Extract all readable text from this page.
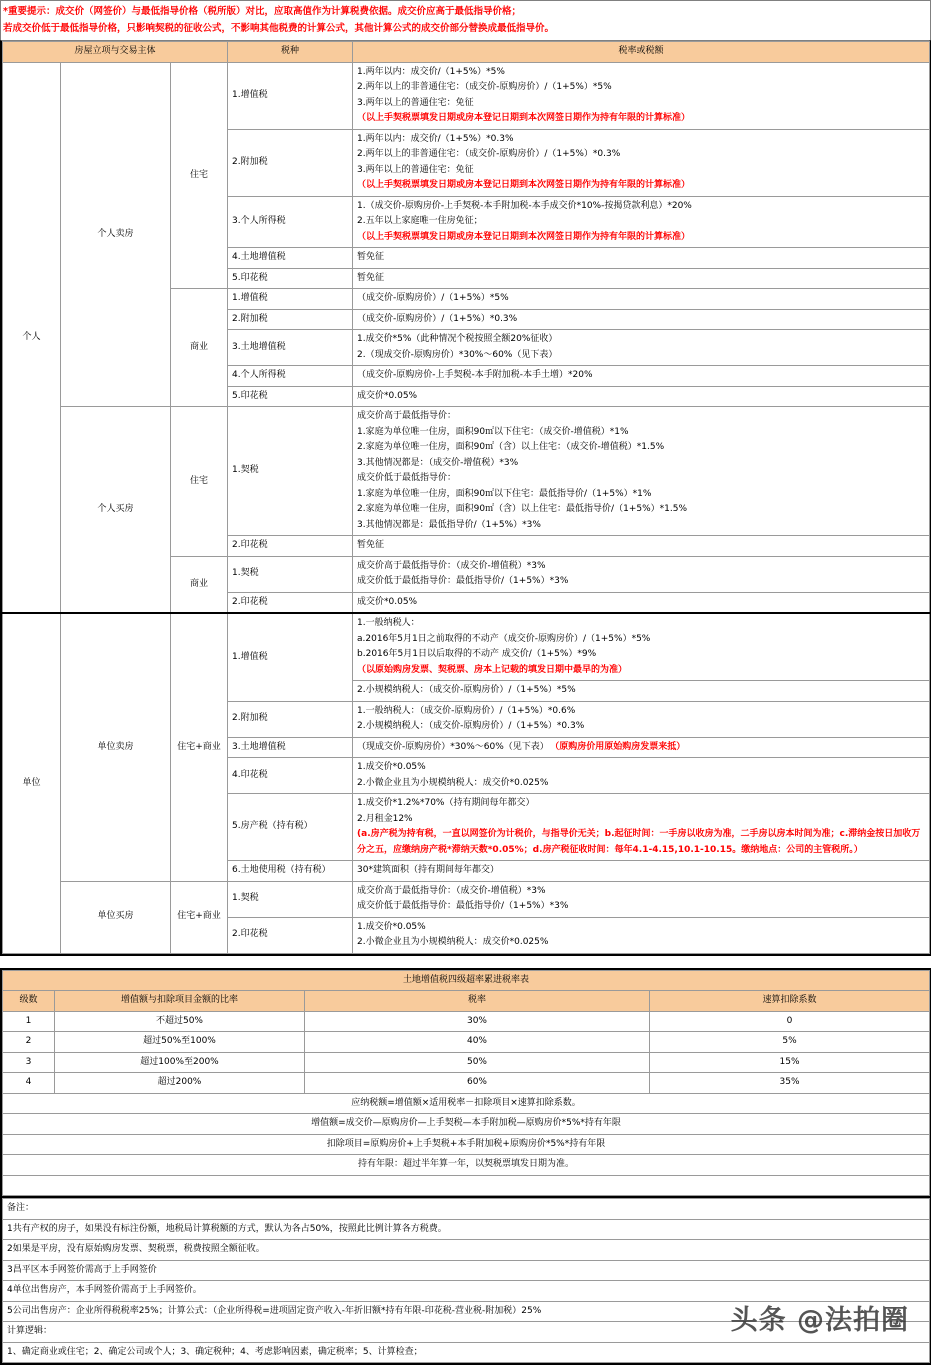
*重要提示：成交价（网签价）与最低指导价格（税所版）对比，应取高值作为计算税费依据。成交价应高于最低指导价格； 若成交价低于最低指导价格，只影响契税的征收公式，不影响其他税费的计算公式，其他计算公式的成交价部分替换成最低指导价。
房屋立项与交易主体			税种	税率或税额
个人	个人卖房	住宅	1.增值税	1.两年以内：成交价/（1+5%）*5%
2.两年以上的非普通住宅：（成交价-原购房价）/（1+5%）*5%
3.两年以上的普通住宅：免征
（以上手契税票填发日期或房本登记日期到本次网签日期作为持有年限的计算标准）

			2.附加税	1.两年以内：成交价/（1+5%）*0.3%
2.两年以上的非普通住宅：（成交价-原购房价）/（1+5%）*0.3%
3.两年以上的普通住宅：免征
（以上手契税票填发日期或房本登记日期到本次网签日期作为持有年限的计算标准）

			3.个人所得税	1.（成交价-原购房价-上手契税-本手附加税-本手成交价*10%-按揭贷款利息）*20%
2.五年以上家庭唯一住房免征；
（以上手契税票填发日期或房本登记日期到本次网签日期作为持有年限的计算标准）

			4.土地增值税	暂免征

			5.印花税	暂免征

		商业	1.增值税	（成交价-原购房价）/（1+5%）*5%

			2.附加税	（成交价-原购房价）/（1+5%）*0.3%

			3.土地增值税	1.成交价*5%（此种情况个税按照全额20%征收）
2.（现成交价-原购房价）*30%～60%（见下表）

			4.个人所得税	（成交价-原购房价-上手契税-本手附加税-本手土增）*20%

			5.印花税	成交价*0.05%

个人买房	住宅	1.契税	
成交价高于最低指导价：
1.家庭为单位唯一住房，面积90㎡以下住宅：（成交价-增值税）*1%
2.家庭为单位唯一住房，面积90㎡（含）以上住宅：（成交价-增值税）*1.5%
3.其他情况都是：（成交价-增值税）*3%
成交价低于最低指导价：
1.家庭为单位唯一住房，面积90㎡以下住宅：最低指导价/（1+5%）*1%
2.家庭为单位唯一住房，面积90㎡（含）以上住宅：最低指导价/（1+5%）*1.5%
3.其他情况都是：最低指导价/（1+5%）*3%

			2.印花税	暂免征

		商业	1.契税	成交价高于最低指导价：（成交价-增值税）*3%
成交价低于最低指导价：最低指导价/（1+5%）*3%

			2.印花税	成交价*0.05%

单位	单位卖房	住宅+商业	1.增值税	1.一般纳税人：
a.2016年5月1日之前取得的不动产（成交价-原购房价）/（1+5%）*5%
b.2016年5月1日以后取得的不动产 成交价/（1+5%）*9%
（以原始购房发票、契税票、房本上记载的填发日期中最早的为准）
2.小规模纳税人：（成交价-原购房价）/（1+5%）*5%

			2.附加税	1.一般纳税人：（成交价-原购房价）/（1+5%）*0.6%
2.小规模纳税人：（成交价-原购房价）/（1+5%）*0.3%

			3.土地增值税	（现成交价-原购房价）*30%～60%（见下表） （原购房价用原始购房发票来抵）

			4.印花税	1.成交价*0.05%
2.小微企业且为小规模纳税人：成交价*0.025%

			5.房产税（持有税）	1.成交价*1.2%*70%（持有期间每年都交）
2.月租金12%
(a.房产税为持有税，一直以网签价为计税价，与指导价无关；b.起征时间：一手房以收房为准，二手房以房本时间为准；c.滞纳金按日加收万
分之五，应缴纳房产税*滞纳天数*0.05%；d.房产税征收时间：每年4.1-4.15,10.1-10.15。缴纳地点：公司的主管税所。）

			6.土地使用税（持有税）	30*建筑面积（持有期间每年都交）

	单位买房	住宅+商业	1.契税	成交价高于最低指导价：（成交价-增值税）*3%
成交价低于最低指导价：最低指导价/（1+5%）*3%

			2.印花税	1.成交价*0.05%
2.小微企业且为小规模纳税人：成交价*0.025%
土地增值税四级超率累进税率表			
级数	增值额与扣除项目金额的比率	税率	速算扣除系数
1	不超过50%	30%	0
2	超过50%至100%	40%	5%
3	超过100%至200%	50%	15%
4	超过200%	60%	35%
应纳税额=增值额×适用税率－扣除项目×速算扣除系数。			
增值额=成交价—原购房价—上手契税—本手附加税—原购房价*5%*持有年限			
扣除项目=原购房价+上手契税+本手附加税+原购房价*5%*持有年限			
持有年限：超过半年算一年，以契税票填发日期为准。			

备注：
1共有产权的房子，如果没有标注份额，地税局计算税额的方式，默认为各占50%，按照此比例计算各方税费。
2如果是平房，没有原始购房发票、契税票，税费按照全额征收。
3昌平区本手网签价需高于上手网签价
4单位出售房产，本手网签价需高于上手网签价。
5公司出售房产：企业所得税税率25%；计算公式：（企业所得税=进项固定资产收入-年折旧额*持有年限-印花税-营业税-附加税）25%
计算逻辑：
1、确定商业或住宅；2、确定公司或个人；3、确定税种；4、考虑影响因素，确定税率；5、计算检查；
头条 @法拍圈
